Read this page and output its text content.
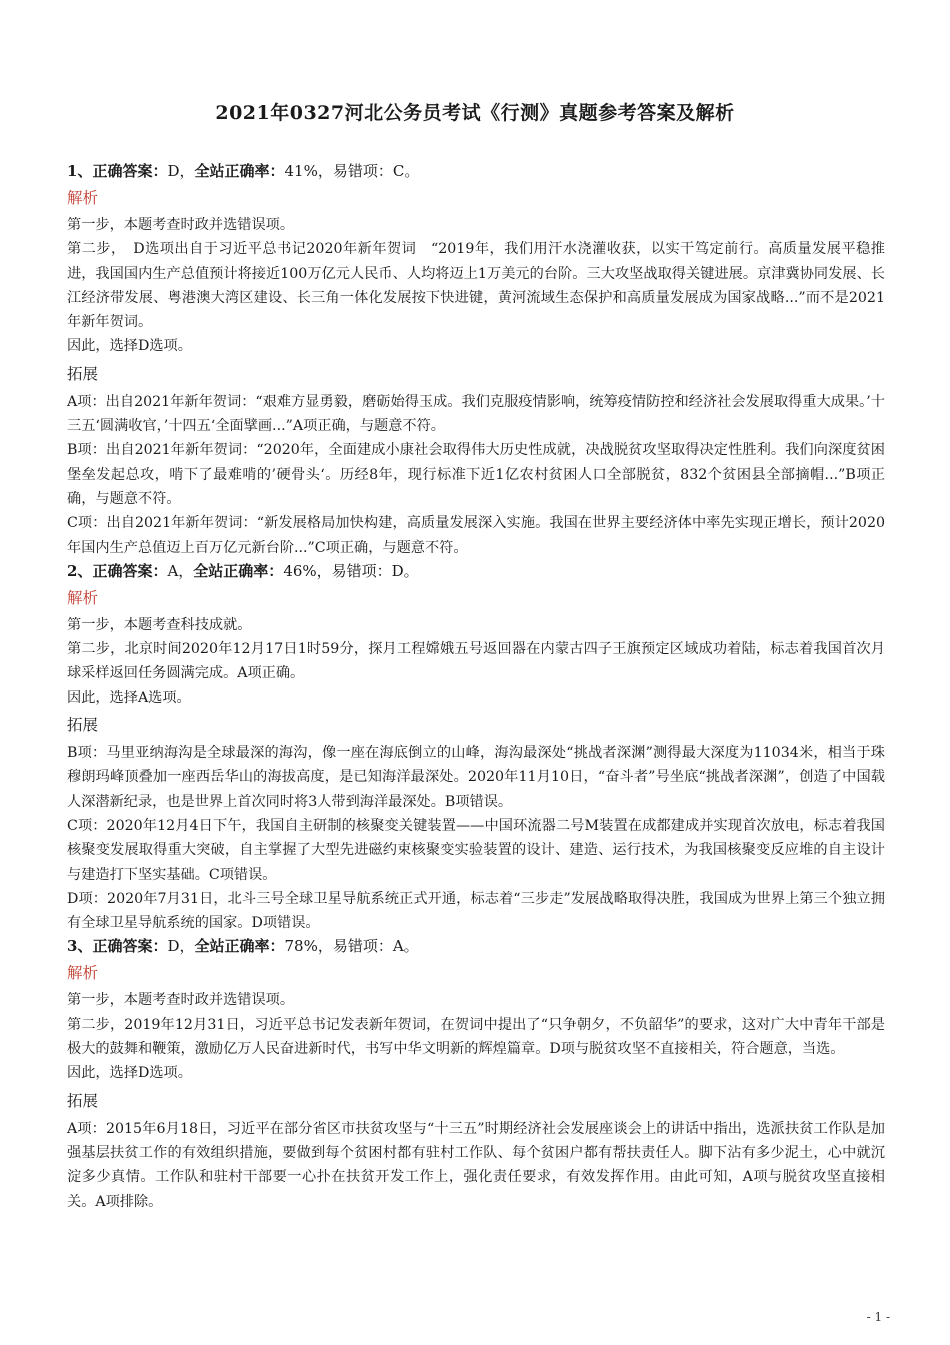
2021年0327河北公务员考试《行测》真题参考答案及解析
1、正确答案：D，全站正确率：41%，易错项：C。
解析

第一步，本题考查时政并选错误项。

第二步，　D选项出自于习近平总书记2020年新年贺词　“2019年，我们用汗水浇灌收获，以实干笃定前行。高质量发展平稳推进，我国国内生产总值预计将接近100万亿元人民币、人均将迈上1万美元的台阶。三大攻坚战取得关键进展。京津冀协同发展、长江经济带发展、粤港澳大湾区建设、长三角一体化发展按下快进键，黄河流域生态保护和高质量发展成为国家战略...”而不是2021年新年贺词。

因此，选择D选项。

拓展

A项：出自2021年新年贺词：“艰难方显勇毅，磨砺始得玉成。我们克服疫情影响，统筹疫情防控和经济社会发展取得重大成果。’十三五‘圆满收官，’十四五‘全面擘画...”A项正确，与题意不符。

B项：出自2021年新年贺词：“2020年，全面建成小康社会取得伟大历史性成就，决战脱贫攻坚取得决定性胜利。我们向深度贫困堡垒发起总攻，啃下了最难啃的’硬骨头‘。历经8年，现行标准下近1亿农村贫困人口全部脱贫，832个贫困县全部摘帽...”B项正确，与题意不符。

C项：出自2021年新年贺词：“新发展格局加快构建，高质量发展深入实施。我国在世界主要经济体中率先实现正增长，预计2020年国内生产总值迈上百万亿元新台阶...”C项正确，与题意不符。

2、正确答案：A，全站正确率：46%，易错项：D。
解析

第一步，本题考查科技成就。

第二步，北京时间2020年12月17日1时59分，探月工程嫦娥五号返回器在内蒙古四子王旗预定区域成功着陆，标志着我国首次月球采样返回任务圆满完成。A项正确。

因此，选择A选项。

拓展

B项：马里亚纳海沟是全球最深的海沟，像一座在海底倒立的山峰，海沟最深处“挑战者深渊”测得最大深度为11034米，相当于珠穆朗玛峰顶叠加一座西岳华山的海拔高度，是已知海洋最深处。2020年11月10日，“奋斗者”号坐底“挑战者深渊”，创造了中国载人深潜新纪录，也是世界上首次同时将3人带到海洋最深处。B项错误。

C项：2020年12月4日下午，我国自主研制的核聚变关键装置——中国环流器二号M装置在成都建成并实现首次放电，标志着我国核聚变发展取得重大突破，自主掌握了大型先进磁约束核聚变实验装置的设计、建造、运行技术，为我国核聚变反应堆的自主设计与建造打下坚实基础。C项错误。

D项：2020年7月31日，北斗三号全球卫星导航系统正式开通，标志着“三步走”发展战略取得决胜，我国成为世界上第三个独立拥有全球卫星导航系统的国家。D项错误。

3、正确答案：D，全站正确率：78%，易错项：A。
解析

第一步，本题考查时政并选错误项。

第二步，2019年12月31日，习近平总书记发表新年贺词，在贺词中提出了“只争朝夕，不负韶华”的要求，这对广大中青年干部是极大的鼓舞和鞭策，激励亿万人民奋进新时代，书写中华文明新的辉煌篇章。D项与脱贫攻坚不直接相关，符合题意，当选。

因此，选择D选项。

拓展

A项：2015年6月18日，习近平在部分省区市扶贫攻坚与“十三五”时期经济社会发展座谈会上的讲话中指出，选派扶贫工作队是加强基层扶贫工作的有效组织措施，要做到每个贫困村都有驻村工作队、每个贫困户都有帮扶责任人。脚下沾有多少泥土，心中就沉淀多少真情。工作队和驻村干部要一心扑在扶贫开发工作上，强化责任要求，有效发挥作用。由此可知，A项与脱贫攻坚直接相关。A项排除。

- 1 -
